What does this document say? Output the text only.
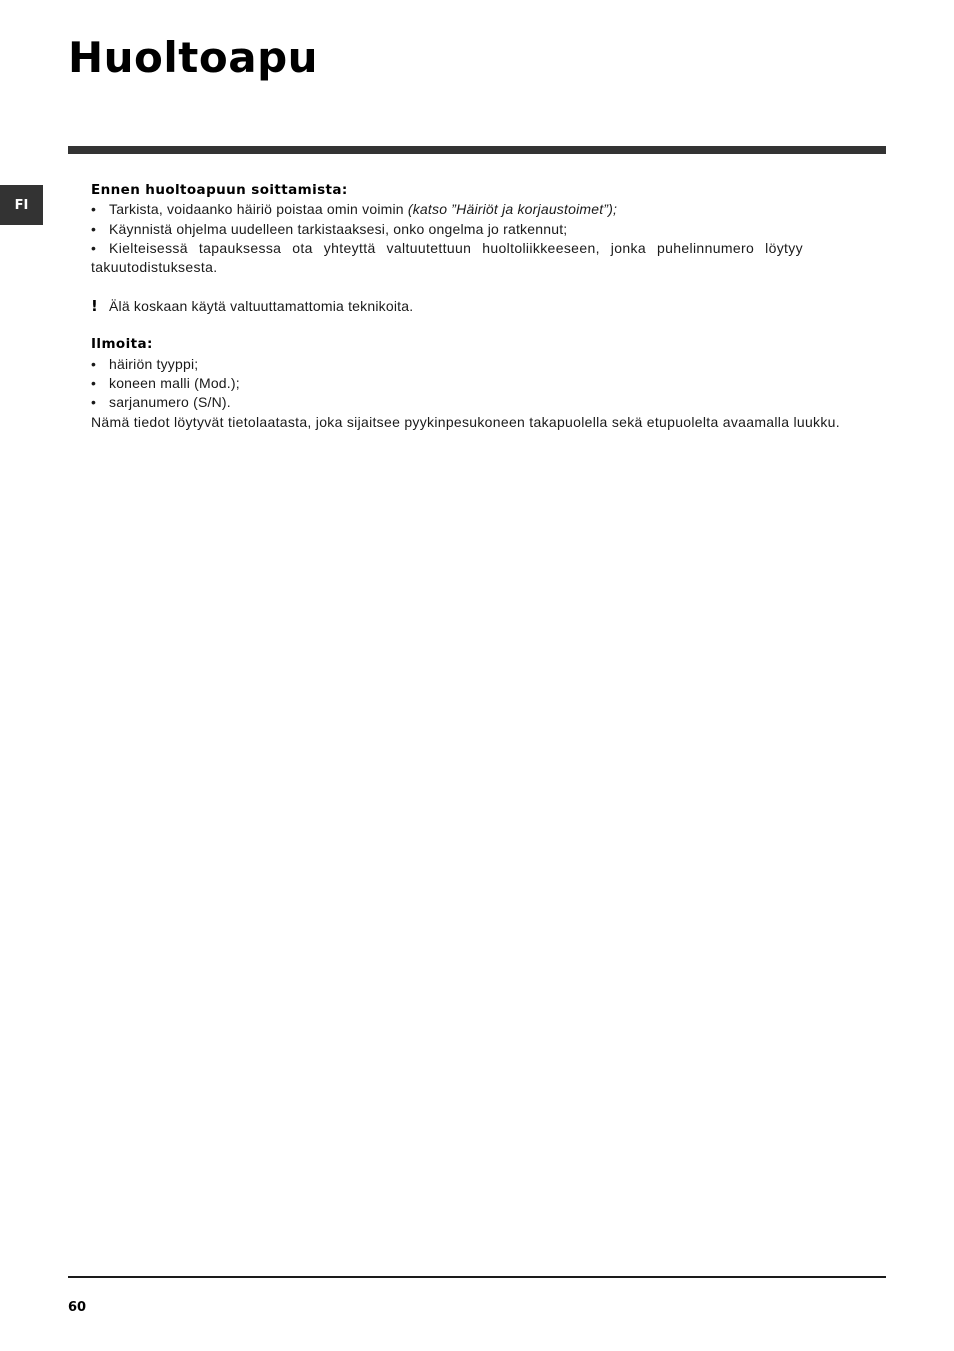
Huoltoapu
FI

Ennen huoltoapuun soittamista:

• Tarkista, voidaanko häiriö poistaa omin voimin (katso ”Häiriöt ja korjaustoimet”);

• Käynnistä ohjelma uudelleen tarkistaaksesi, onko ongelma jo ratkennut;

• Kielteisessä tapauksessa ota yhteyttä valtuutettuun huoltoliikkeeseen, jonka puhelinnumero löytyy takuutodistuksesta.

! Älä koskaan käytä valtuuttamattomia teknikoita.

Ilmoita:

• häiriön tyyppi;

• koneen malli (Mod.);

• sarjanumero (S/N).

Nämä tiedot löytyvät tietolaatasta, joka sijaitsee pyykinpesukoneen takapuolella sekä etupuolelta avaamalla luukku.

60
